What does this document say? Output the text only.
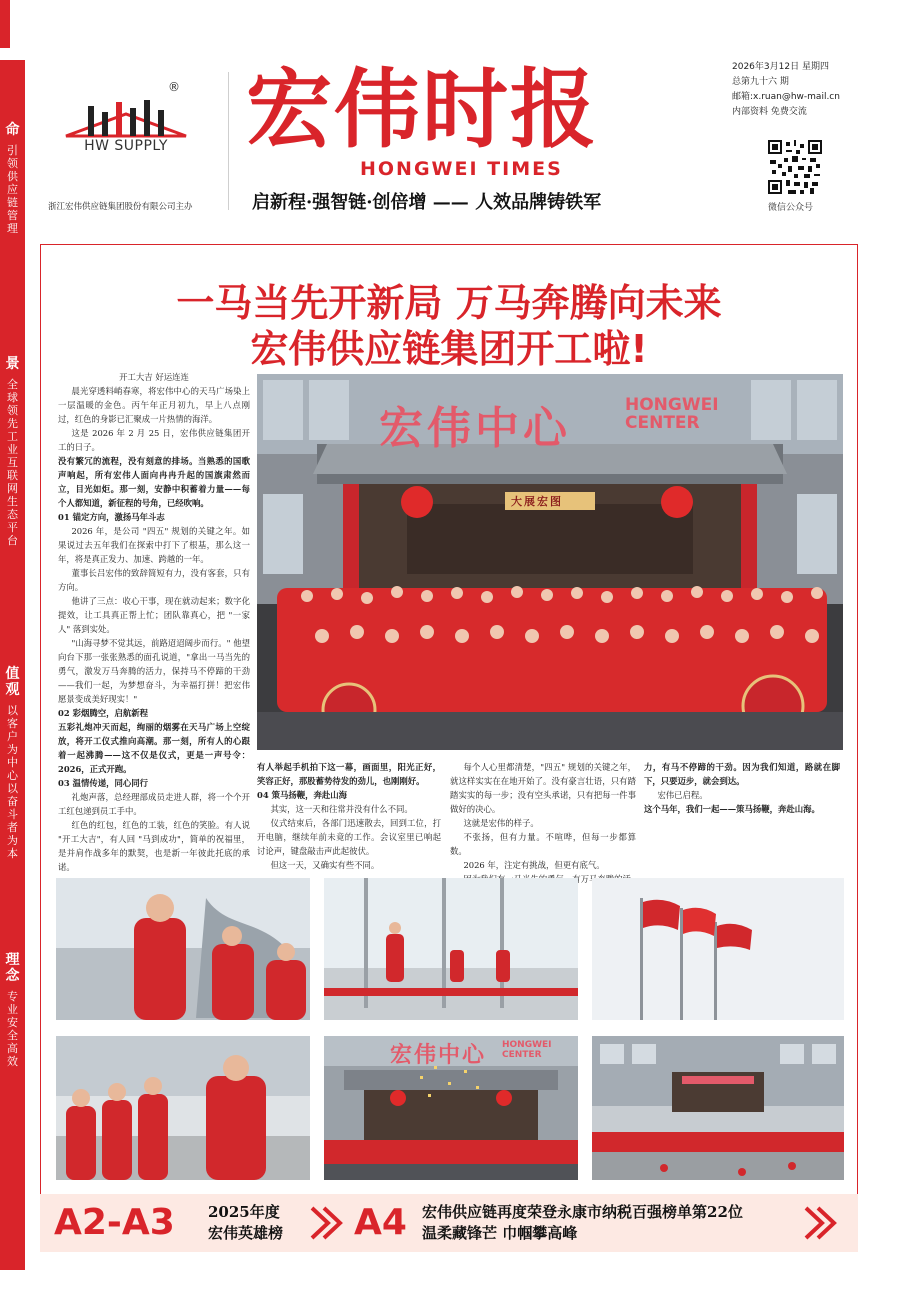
命
引领供应链管理
景
全球领先工业互联网生态平台
值观
以客户为中心 以奋斗者为本
理念
专业 安全 高效
®
HW SUPPLY
浙江宏伟供应链集团股份有限公司主办
宏伟时报
HONGWEI TIMES
启新程·强智链·创倍增 —— 人效品牌铸铁军
2026年3月12日 星期四
总第九十六 期
邮箱:x.ruan@hw-mail.cn
内部资料 免费交流
微信公众号
一马当先开新局 万马奔腾向未来
宏伟供应链集团开工啦!

开工大吉 好运连连

晨光穿透料峭春寒，将宏伟中心的天马广场染上一层温暖的金色。丙午年正月初九，早上八点刚过，红色的身影已汇聚成一片热情的海洋。

这是 2026 年 2 月 25 日，宏伟供应链集团开工的日子。

没有繁冗的流程，没有刻意的排场。当熟悉的国歌声响起，所有宏伟人面向冉冉升起的国旗肃然而立，目光如炬。那一刻，安静中积蓄着力量——每个人都知道，新征程的号角，已经吹响。

01 锚定方向，激扬马年斗志

2026 年，是公司 "四五" 规划的关键之年。如果说过去五年我们在探索中打下了根基，那么这一年，将是真正发力、加速、跨越的一年。

董事长吕宏伟的致辞简短有力，没有客套，只有方向。

他讲了三点：收心干事，现在就动起来；数字化提效，让工具真正帮上忙；团队靠真心，把 "一家人" 落到实处。

"山海寻梦不觉其远，前路迢迢阔步而行。" 他望向台下那一张张熟悉的面孔说道，"拿出一马当先的勇气，激发万马奔腾的活力，保持马不停蹄的干劲——我们一起，为梦想奋斗，为幸福打拼！把宏伟愿景变成美好现实！"

02 彩烟腾空，启航新程

五彩礼炮冲天而起，绚丽的烟雾在天马广场上空绽放，将开工仪式推向高潮。那一刻，所有人的心跟着一起沸腾——这不仅是仪式，更是一声号令：2026，正式开跑。

03 温情传递，同心同行

礼炮声落，总经理部成员走进人群，将一个个开工红包递到员工手中。

红色的红包，红色的工装，红色的笑脸。有人说 "开工大吉"，有人回 "马到成功"，简单的祝福里，是并肩作战多年的默契，也是新一年彼此托底的承诺。

有人举起手机拍下这一幕，画面里，阳光正好，笑容正好，那股蓄势待发的劲儿，也刚刚好。

04 策马扬鞭，奔赴山海

其实，这一天和往常并没有什么不同。

仪式结束后，各部门迅速散去，回到工位，打开电脑，继续年前未竟的工作。会议室里已响起讨论声，键盘敲击声此起彼伏。

但这一天，又确实有些不同。

每个人心里都清楚，"四五" 规划的关键之年，就这样实实在在地开始了。没有豪言壮语，只有踏踏实实的每一步；没有空头承诺，只有把每一件事做好的决心。

这就是宏伟的样子。

不张扬，但有力量。不喧哗，但每一步都算数。

2026 年，注定有挑战，但更有底气。

力，有马不停蹄的干劲。因为我们知道，路就在脚下，只要迈步，就会到达。

宏伟已启程。

这个马年，我们一起——策马扬鞭，奔赴山海。

宏伟中心	HONGWEI
CENTER
大展宏图
宏伟中心 HONGWEI
CENTER
A2-A3 2025年度
宏伟英雄榜 A4 宏伟供应链再度荣登永康市纳税百强榜单第22位
温柔藏锋芒 巾帼攀高峰
